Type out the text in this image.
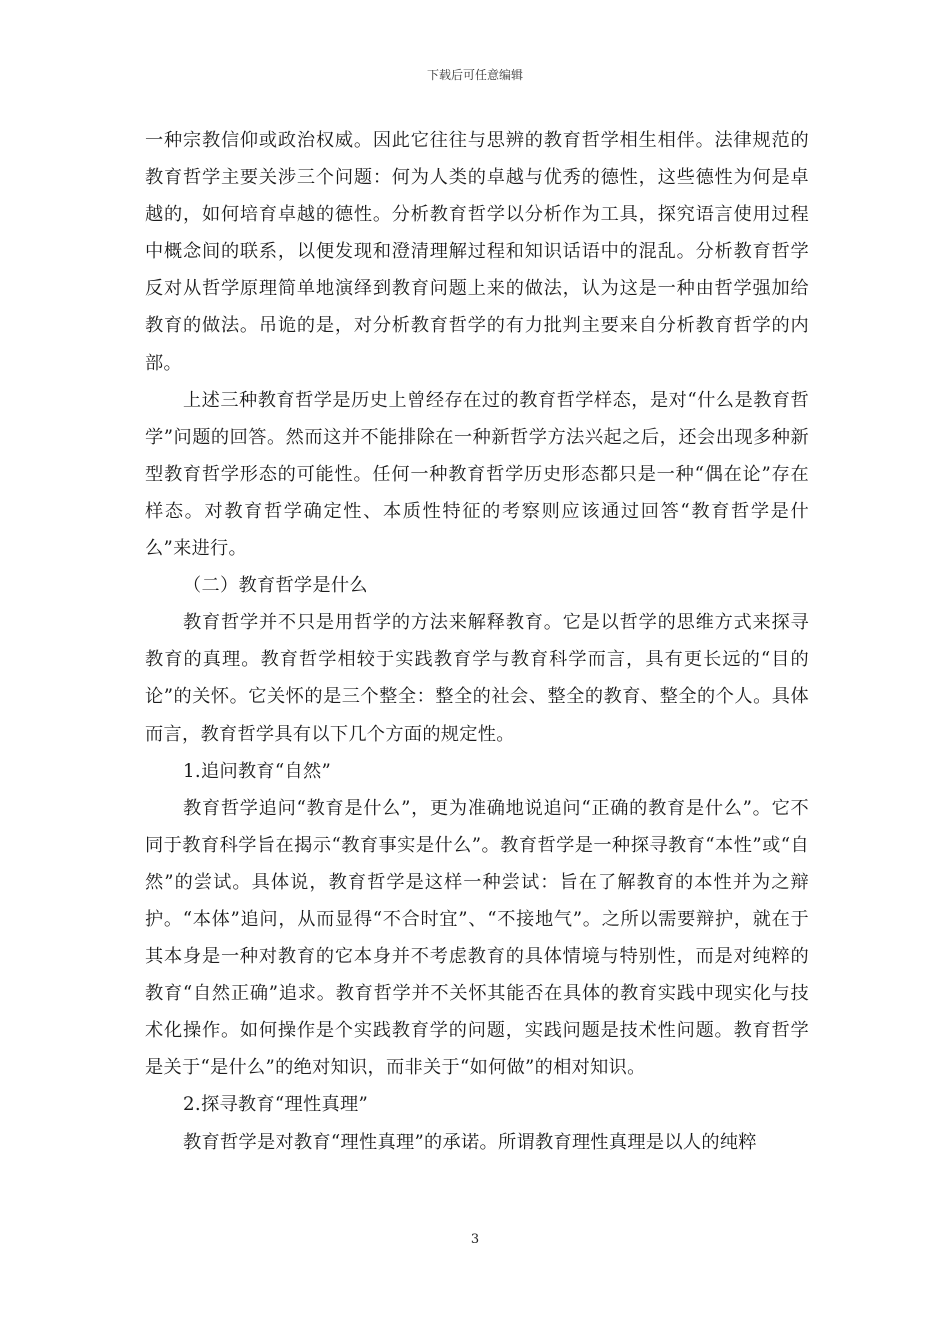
下载后可任意编辑

一种宗教信仰或政治权威。因此它往往与思辨的教育哲学相生相伴。法律规范的教育哲学主要关涉三个问题：何为人类的卓越与优秀的德性，这些德性为何是卓越的，如何培育卓越的德性。分析教育哲学以分析作为工具，探究语言使用过程中概念间的联系，以便发现和澄清理解过程和知识话语中的混乱。分析教育哲学反对从哲学原理简单地演绎到教育问题上来的做法，认为这是一种由哲学强加给教育的做法。吊诡的是，对分析教育哲学的有力批判主要来自分析教育哲学的内部。

上述三种教育哲学是历史上曾经存在过的教育哲学样态，是对“什么是教育哲学”问题的回答。然而这并不能排除在一种新哲学方法兴起之后，还会出现多种新型教育哲学形态的可能性。任何一种教育哲学历史形态都只是一种“偶在论”存在样态。对教育哲学确定性、本质性特征的考察则应该通过回答“教育哲学是什么”来进行。

（二）教育哲学是什么

教育哲学并不只是用哲学的方法来解释教育。它是以哲学的思维方式来探寻教育的真理。教育哲学相较于实践教育学与教育科学而言，具有更长远的“目的论”的关怀。它关怀的是三个整全：整全的社会、整全的教育、整全的个人。具体而言，教育哲学具有以下几个方面的规定性。

1.追问教育“自然”

教育哲学追问“教育是什么”，更为准确地说追问“正确的教育是什么”。它不同于教育科学旨在揭示“教育事实是什么”。教育哲学是一种探寻教育“本性”或“自然”的尝试。具体说，教育哲学是这样一种尝试：旨在了解教育的本性并为之辩护。“本体”追问，从而显得“不合时宜”、“不接地气”。之所以需要辩护，就在于其本身是一种对教育的它本身并不考虑教育的具体情境与特别性，而是对纯粹的教育“自然正确”追求。教育哲学并不关怀其能否在具体的教育实践中现实化与技术化操作。如何操作是个实践教育学的问题，实践问题是技术性问题。教育哲学是关于“是什么”的绝对知识，而非关于“如何做”的相对知识。

2.探寻教育“理性真理”

教育哲学是对教育“理性真理”的承诺。所谓教育理性真理是以人的纯粹

3
